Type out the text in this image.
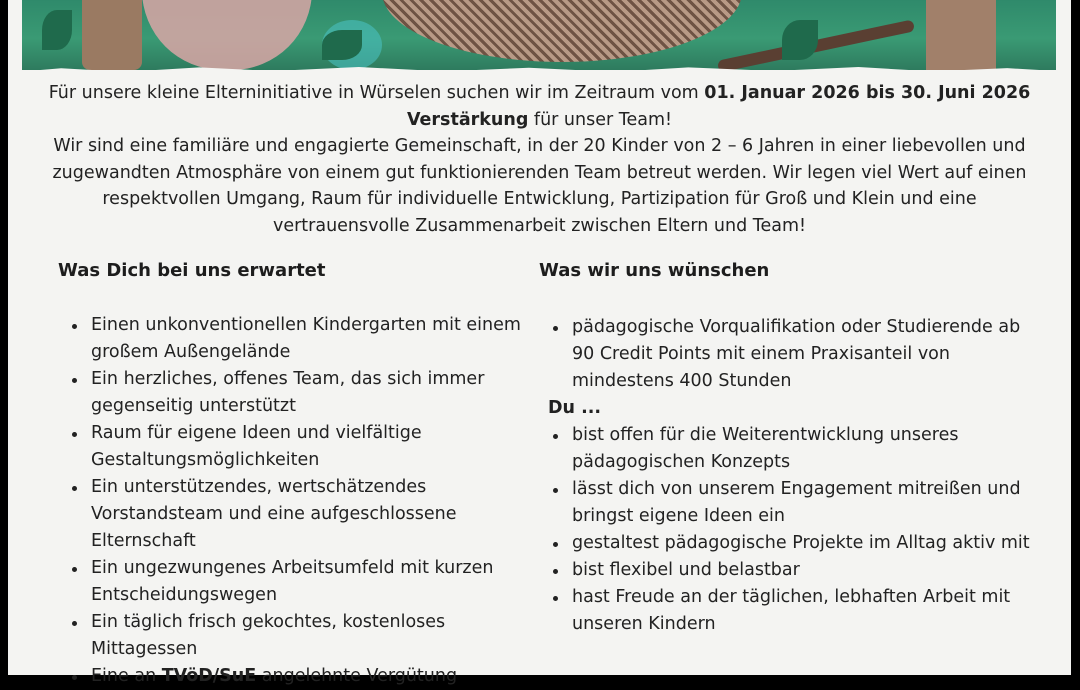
Für unsere kleine Elterninitiative in Würselen suchen wir im Zeitraum vom 01. Januar 2026 bis 30. Juni 2026 Verstärkung für unser Team!

Wir sind eine familiäre und engagierte Gemeinschaft, in der 20 Kinder von 2 – 6 Jahren in einer liebevollen und zugewandten Atmosphäre von einem gut funktionierenden Team betreut werden. Wir legen viel Wert auf einen respektvollen Umgang, Raum für individuelle Entwicklung, Partizipation für Groß und Klein und eine vertrauensvolle Zusammenarbeit zwischen Eltern und Team!

Was Dich bei uns erwartet
Einen unkonventionellen Kindergarten mit einem großem Außengelände
Ein herzliches, offenes Team, das sich immer gegenseitig unterstützt
Raum für eigene Ideen und vielfältige Gestaltungsmöglichkeiten
Ein unterstützendes, wertschätzendes Vorstandsteam und eine aufgeschlossene Elternschaft
Ein ungezwungenes Arbeitsumfeld mit kurzen Entscheidungswegen
Ein täglich frisch gekochtes, kostenloses Mittagessen
Eine an TVöD/SuE angelehnte Vergütung
Was wir uns wünschen
pädagogische Vorqualifikation oder Studierende ab 90 Credit Points mit einem Praxisanteil von mindestens 400 Stunden
Du ...
bist offen für die Weiterentwicklung unseres pädagogischen Konzepts
lässt dich von unserem Engagement mitreißen und bringst eigene Ideen ein
gestaltest pädagogische Projekte im Alltag aktiv mit
bist flexibel und belastbar
hast Freude an der täglichen, lebhaften Arbeit mit unseren Kindern
